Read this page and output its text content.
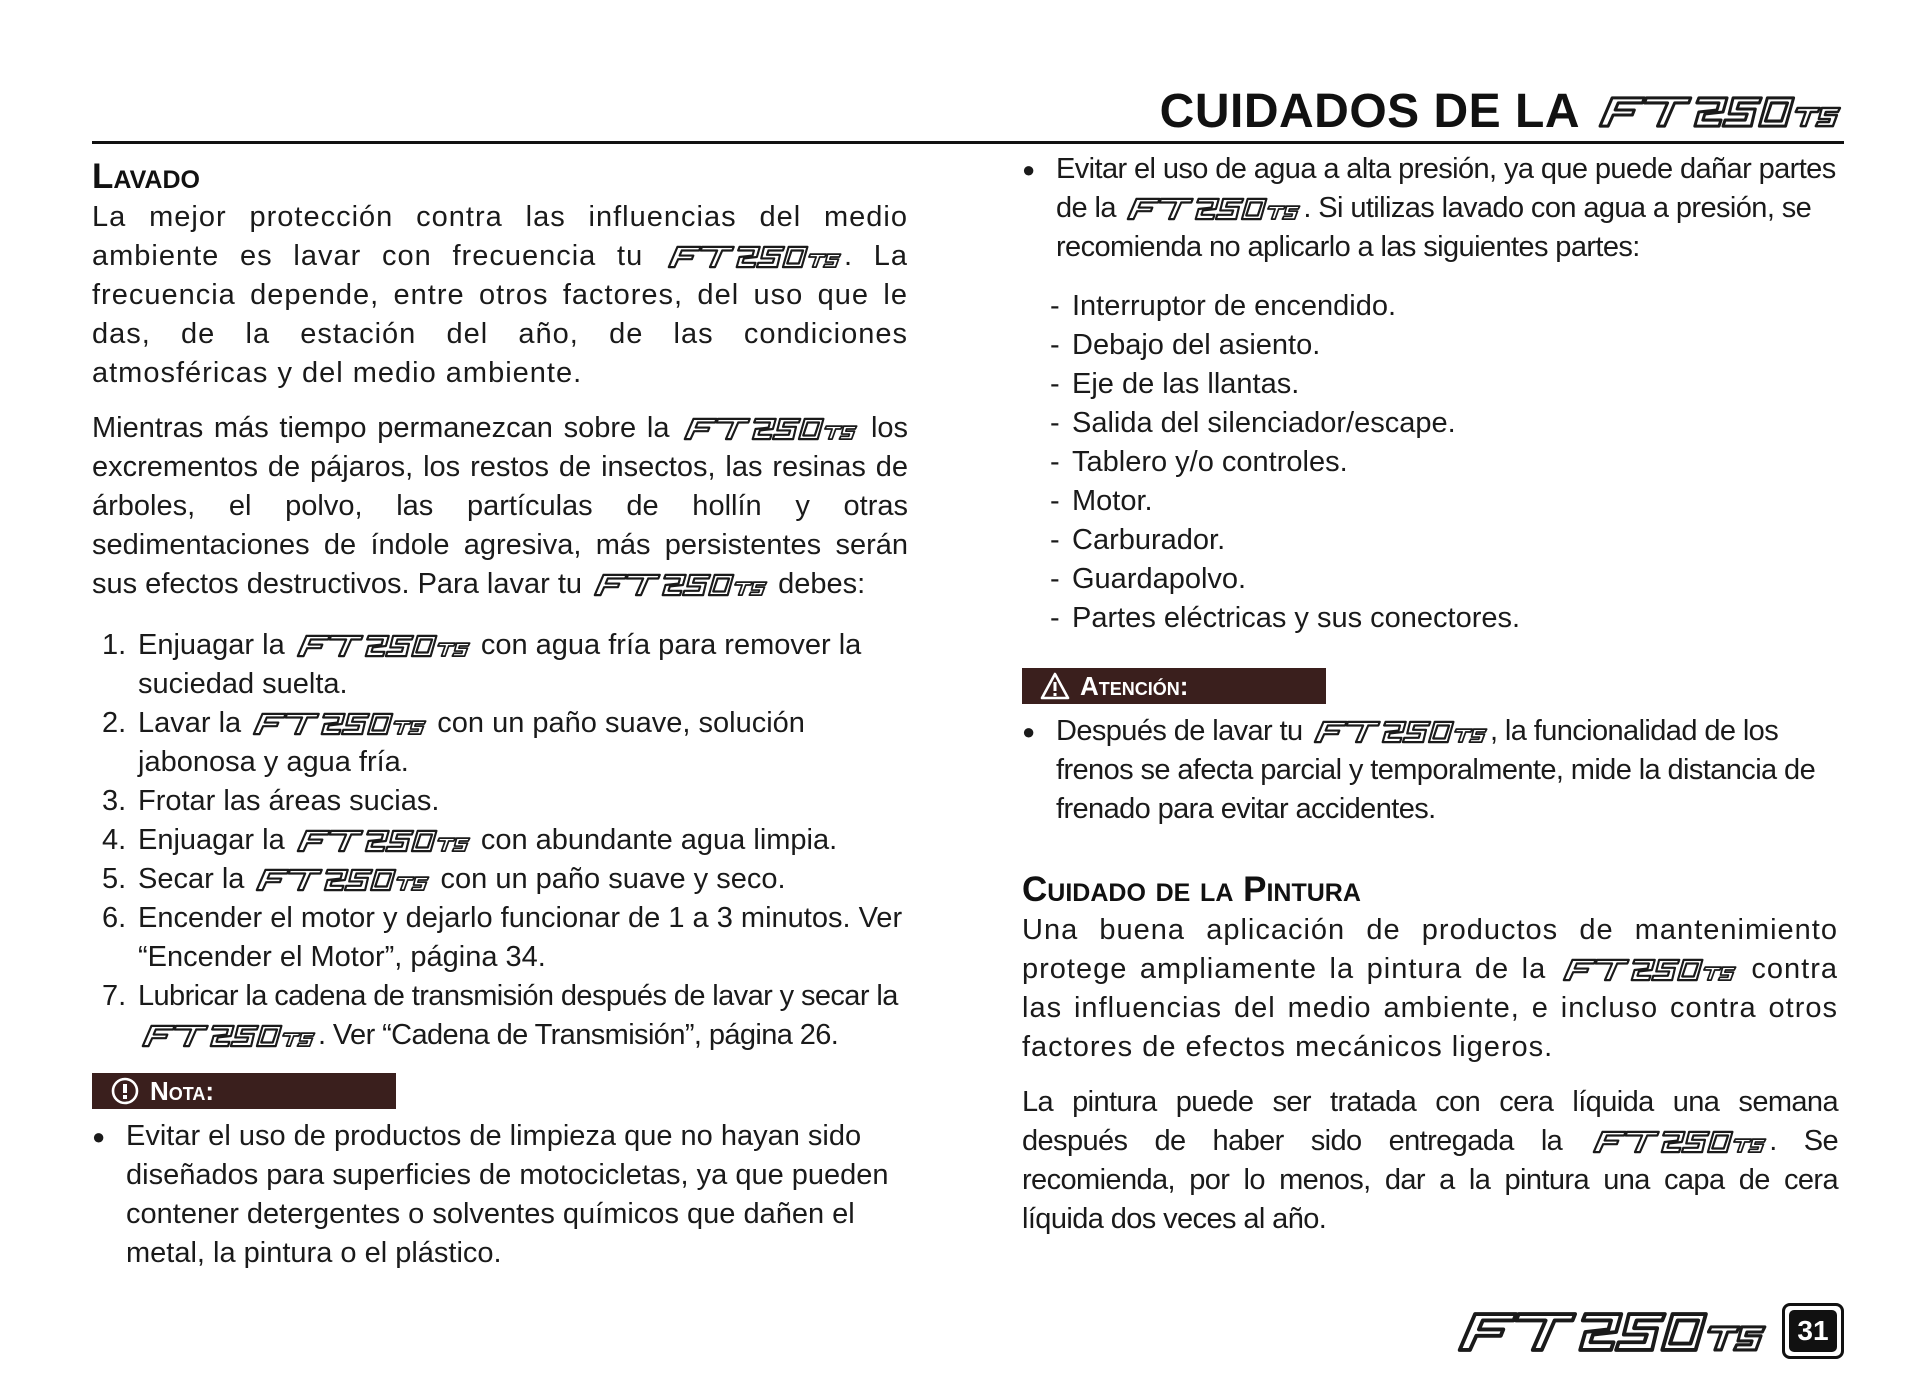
CUIDADOS DE LA
Lavado

La mejor protección contra las influencias del medio ambiente es lavar con frecuencia tu	. La frecuencia depende, entre otros factores, del uso que le das, de la estación del año, de las condiciones atmosféricas y del medio ambiente.

Mientras más tiempo permanezcan sobre la	los excrementos de pájaros, los restos de insectos, las resinas de árboles, el polvo, las partículas de hollín y otras sedimentaciones de índole agresiva, más persistentes serán sus efectos destructivos. Para lavar tu	debes:

1. Enjuagar la	con agua fría para remover la suciedad suelta.
2. Lavar la	con un paño suave, solución jabonosa y agua fría.
3. Frotar las áreas sucias.
4. Enjuagar la	con abundante agua limpia.
5. Secar la	con un paño suave y seco.
6. Encender el motor y dejarlo funcionar de 1 a 3 minutos. Ver “Encender el Motor”, página 34.
7. Lubricar la cadena de transmisión después de lavar y secar la
. Ver “Cadena de Transmisión”, página 26.
Nota:
● Evitar el uso de productos de limpieza que no hayan sido diseñados para superficies de motocicletas, ya que pueden contener detergentes o solventes químicos que dañen el metal, la pintura o el plástico.
● Evitar el uso de agua a alta presión, ya que puede dañar partes de la	. Si utilizas lavado con agua a presión, se recomienda no aplicarlo a las siguientes partes:
- Interruptor de encendido.
- Debajo del asiento.
- Eje de las llantas.
- Salida del silenciador/escape.
- Tablero y/o controles.
- Motor.
- Carburador.
- Guardapolvo.
- Partes eléctricas y sus conectores.
Atención:
● Después de lavar tu	, la funcionalidad de los frenos se afecta parcial y temporalmente, mide la distancia de frenado para evitar accidentes.
Cuidado de la Pintura

Una buena aplicación de productos de mantenimiento protege ampliamente la pintura de la	contra las influencias del medio ambiente, e incluso contra otros factores de efectos mecánicos ligeros.

La pintura puede ser tratada con cera líquida una semana después de haber sido entregada la	. Se recomienda, por lo menos, dar a la pintura una capa de cera líquida dos veces al año.

31
